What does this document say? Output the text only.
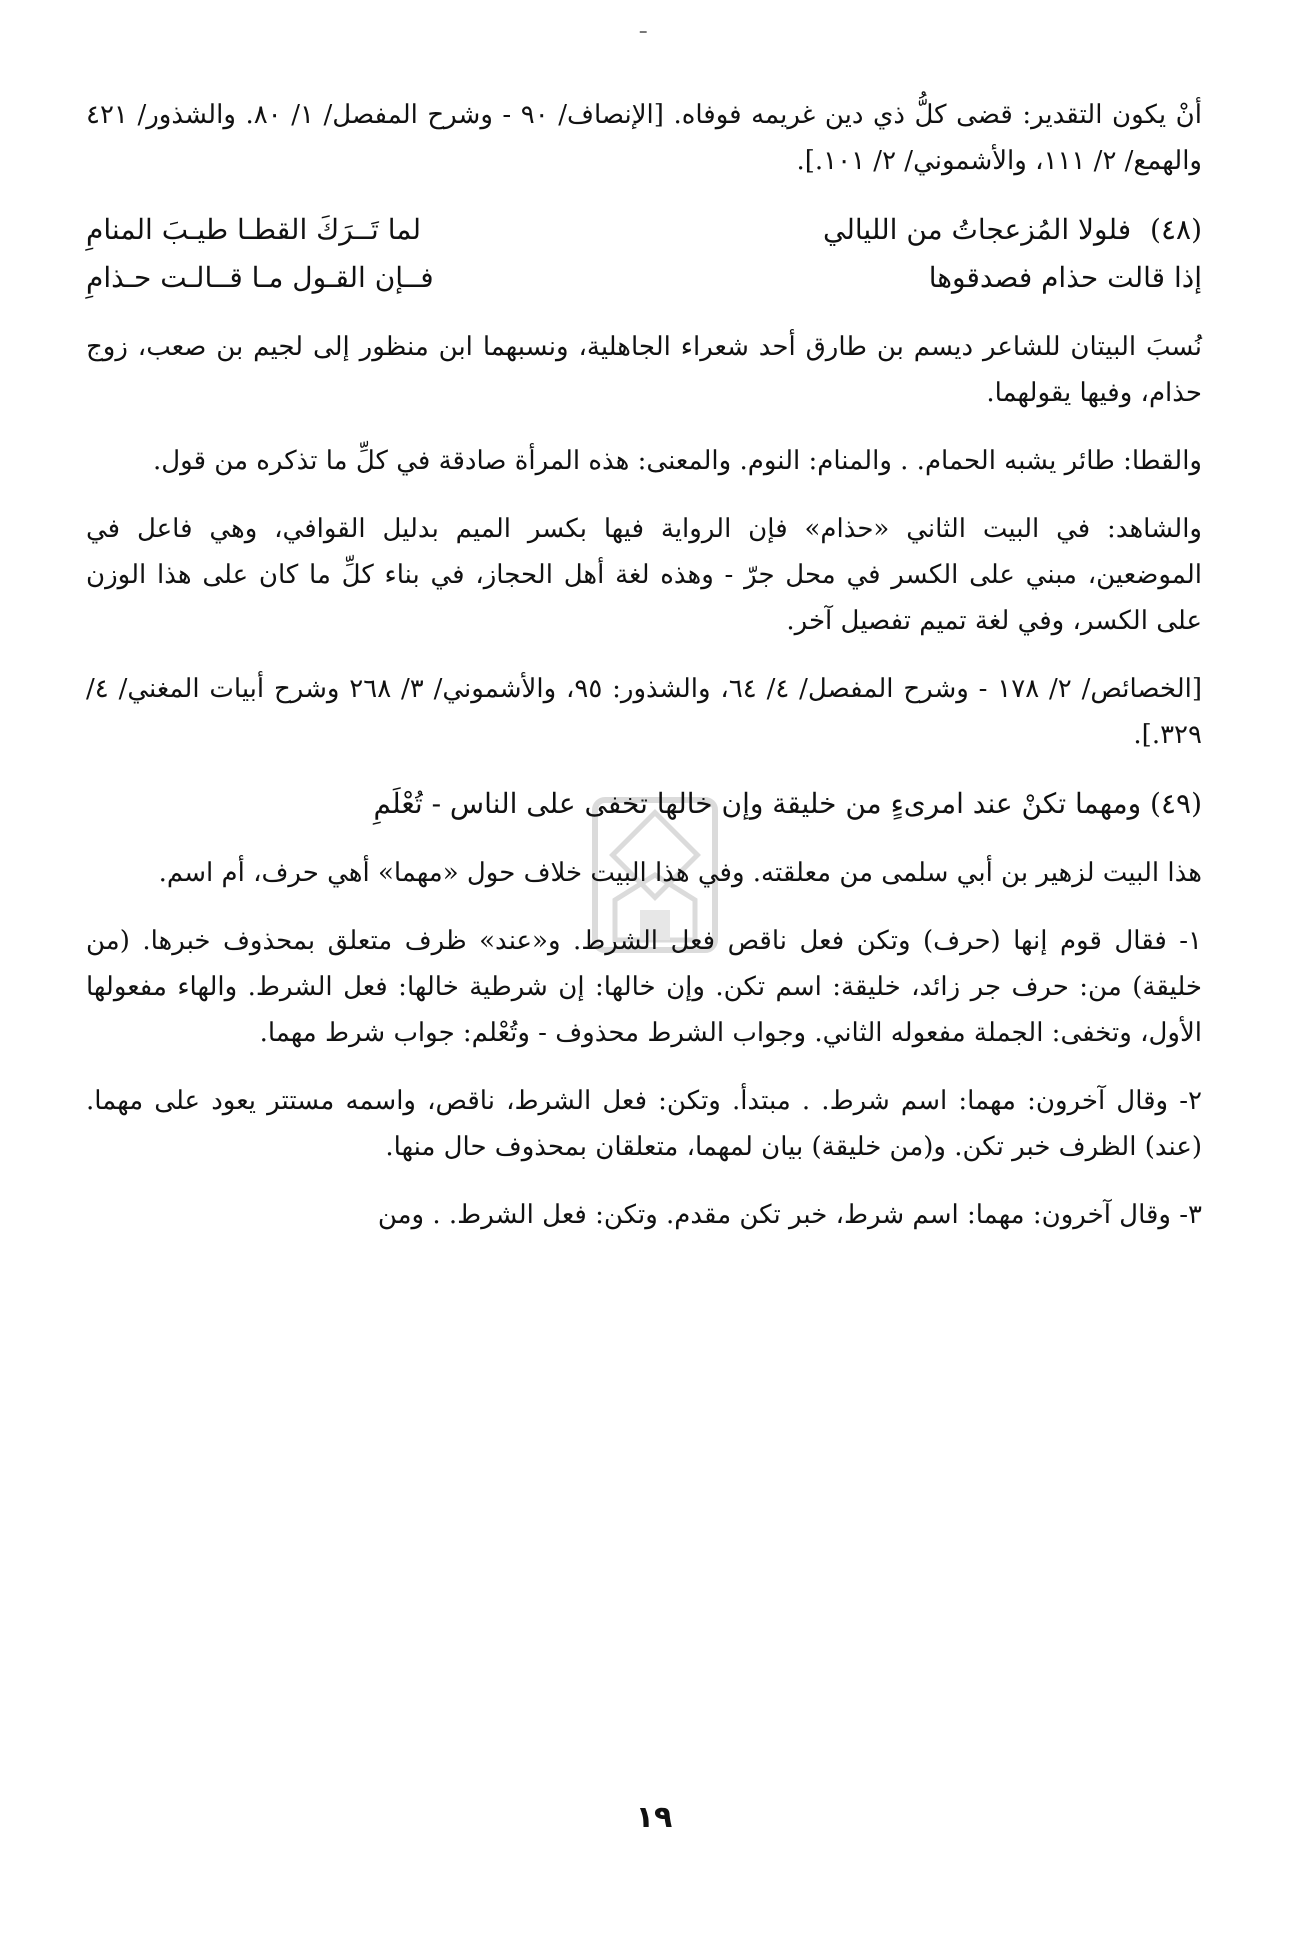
ـ

أنْ يكون التقدير: قضى كلُّ ذي دين غريمه فوفاه. [الإنصاف/ ٩٠ - وشرح المفصل/ ١/ ٨٠. والشذور/ ٤٢١ والهمع/ ٢/ ١١١، والأشموني/ ٢/ ١٠١.].

(٤٨) فلولا المُزعجاتُ من الليالي
لما تَــرَكَ القطـا طيـبَ المنامِ
إذا قالت حذام فصدقوها
فــإن القـول مـا قــالـت حـذامِ

نُسبَ البيتان للشاعر ديسم بن طارق أحد شعراء الجاهلية، ونسبهما ابن منظور إلى لجيم بن صعب، زوج حذام، وفيها يقولهما.

والقطا: طائر يشبه الحمام. . والمنام: النوم. والمعنى: هذه المرأة صادقة في كلِّ ما تذكره من قول.

والشاهد: في البيت الثاني «حذام» فإن الرواية فيها بكسر الميم بدليل القوافي، وهي فاعل في الموضعين، مبني على الكسر في محل جرّ - وهذه لغة أهل الحجاز، في بناء كلِّ ما كان على هذا الوزن على الكسر، وفي لغة تميم تفصيل آخر.

[الخصائص/ ٢/ ١٧٨ - وشرح المفصل/ ٤/ ٦٤، والشذور: ٩٥، والأشموني/ ٣/ ٢٦٨ وشرح أبيات المغني/ ٤/ ٣٢٩.].

(٤٩) ومهما تكنْ عند امرىءٍ من خليقة وإن خالها تخفى على الناس - تُعْلَمِ

هذا البيت لزهير بن أبي سلمى من معلقته. وفي هذا البيت خلاف حول «مهما» أهي حرف، أم اسم.

١- فقال قوم إنها (حرف) وتكن فعل ناقص فعل الشرط. و«عند» ظرف متعلق بمحذوف خبرها. (من خليقة) من: حرف جر زائد، خليقة: اسم تكن. وإن خالها: إن شرطية خالها: فعل الشرط. والهاء مفعولها الأول، وتخفى: الجملة مفعوله الثاني. وجواب الشرط محذوف - وتُعْلم: جواب شرط مهما.

٢- وقال آخرون: مهما: اسم شرط. . مبتدأ. وتكن: فعل الشرط، ناقص، واسمه مستتر يعود على مهما. (عند) الظرف خبر تكن. و(من خليقة) بيان لمهما، متعلقان بمحذوف حال منها.

٣- وقال آخرون: مهما: اسم شرط، خبر تكن مقدم. وتكن: فعل الشرط. . ومن

١٩
